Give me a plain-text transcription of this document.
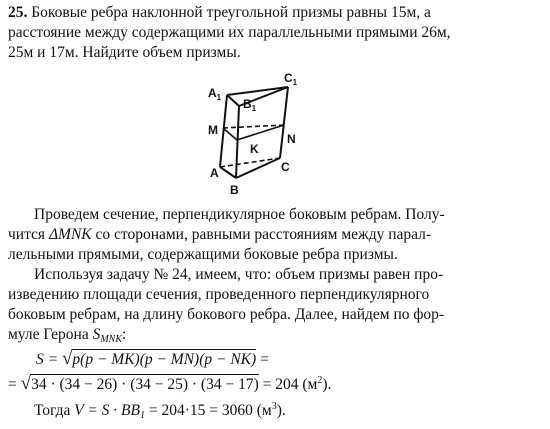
25. Боковые ребра наклонной треугольной призмы равны 15м, а
расстояние между содержащими их параллельными прямыми 26м,
25м и 17м. Найдите объем призмы.
$A_1$ $B_1$
$C_1$
M
N
K
A
B
C
Проведем сечение, перпендикулярное боковым ребрам. Полу-
чится ΔMNK со сторонами, равными расстояниям между парал-
лельными прямыми, содержащими боковые ребра призмы.
Используя задачу № 24, имеем, что: объем призмы равен про-
изведению площади сечения, проведенного перпендикулярного
боковым ребрам, на длину бокового ребра. Далее, найдем по фор-
муле Герона $S_{MNK}$:
S = √p(p − MK)(p − MN)(p − NK) =
= √34 · (34 − 26) · (34 − 25) · (34 − 17) = 204 $(м^2)$.
Тогда $V = S \cdot BB_1 = 204\cdot 15 = 3060$ $(м^3)$.
